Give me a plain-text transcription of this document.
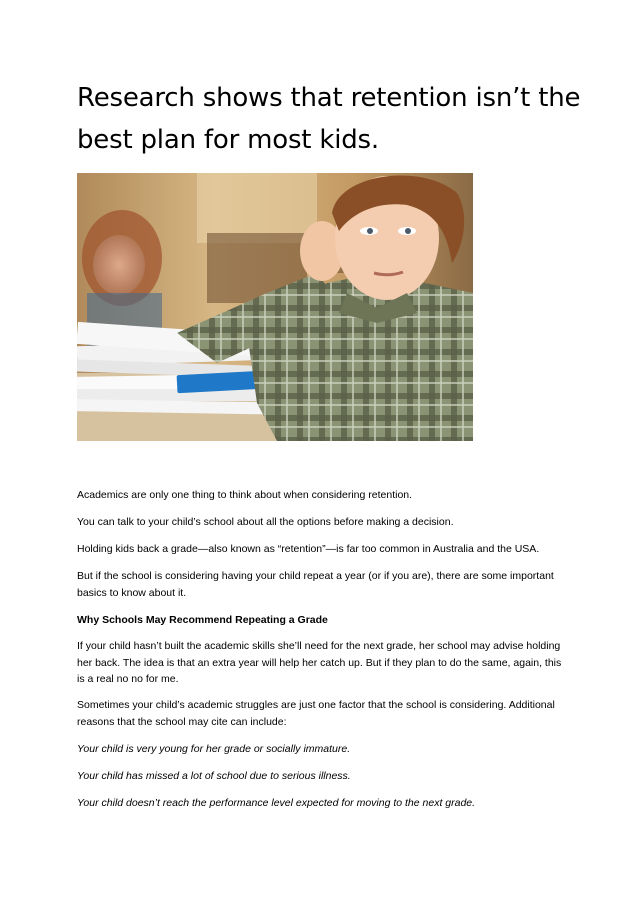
Research shows that retention isn’t the best plan for most kids.

Academics are only one thing to think about when considering retention.

You can talk to your child’s school about all the options before making a decision.

Holding kids back a grade—also known as “retention”—is far too common in Australia and the USA.

But if the school is considering having your child repeat a year (or if you are), there are some important basics to know about it.

Why Schools May Recommend Repeating a Grade

If your child hasn’t built the academic skills she’ll need for the next grade, her school may advise holding her back. The idea is that an extra year will help her catch up. But if they plan to do the same, again, this is a real no no for me.

Sometimes your child’s academic struggles are just one factor that the school is considering. Additional reasons that the school may cite can include:

Your child is very young for her grade or socially immature.

Your child has missed a lot of school due to serious illness.

Your child doesn’t reach the performance level expected for moving to the next grade.
